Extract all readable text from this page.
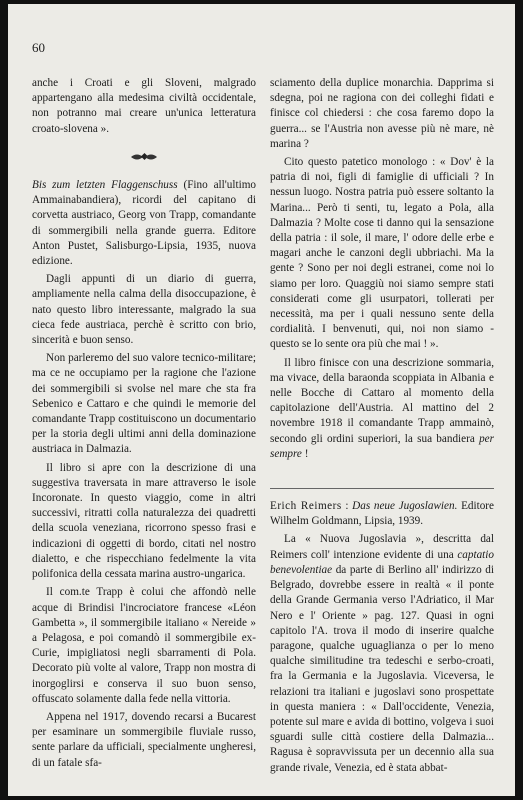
60

anche i Croati e gli Sloveni, malgrado appartengano alla medesima civiltà occidentale, non potranno mai creare un'unica letteratura croato-slovena ».

Bis zum letzten Flaggenschuss (Fino all'ultimo Ammainabandiera), ricordi del capitano di corvetta austriaco, Georg von Trapp, comandante di sommergibili nella grande guerra. Editore Anton Pustet, Salisburgo-Lipsia, 1935, nuova edizione.

Dagli appunti di un diario di guerra, ampliamente nella calma della disoccupazione, è nato questo libro interessante, malgrado la sua cieca fede austriaca, perchè è scritto con brio, sincerità e buon senso.

Non parleremo del suo valore tecnico-militare; ma ce ne occupiamo per la ragione che l'azione dei sommergibili si svolse nel mare che sta fra Sebenico e Cattaro e che quindi le memorie del comandante Trapp costituiscono un documentario per la storia degli ultimi anni della dominazione austriaca in Dalmazia.

Il libro si apre con la descrizione di una suggestiva traversata in mare attraverso le isole Incoronate. In questo viaggio, come in altri successivi, ritratti colla naturalezza dei quadretti della scuola veneziana, ricorrono spesso frasi e indicazioni di oggetti di bordo, citati nel nostro dialetto, e che rispecchiano fedelmente la vita polifonica della cessata marina austro-ungarica.

Il com.te Trapp è colui che affondò nelle acque di Brindisi l'incrociatore francese «Léon Gambetta », il sommergibile italiano « Nereide » a Pelagosa, e poi comandò il sommergibile ex-Curie, impigliatosi negli sbarramenti di Pola. Decorato più volte al valore, Trapp non mostra di inorgoglirsi e conserva il suo buon senso, offuscato solamente dalla fede nella vittoria.

Appena nel 1917, dovendo recarsi a Bucarest per esaminare un sommergibile fluviale russo, sente parlare da ufficiali, specialmente ungheresi, di un fatale sfa-

sciamento della duplice monarchia. Dapprima si sdegna, poi ne ragiona con dei colleghi fidati e finisce col chiedersi : che cosa faremo dopo la guerra... se l'Austria non avesse più nè mare, nè marina ?

Cito questo patetico monologo : « Dov' è la patria di noi, figli di famiglie di ufficiali ? In nessun luogo. Nostra patria può essere soltanto la Marina... Però ti senti, tu, legato a Pola, alla Dalmazia ? Molte cose ti danno qui la sensazione della patria : il sole, il mare, l' odore delle erbe e magari anche le canzoni degli ubbriachi. Ma la gente ? Sono per noi degli estranei, come noi lo siamo per loro. Quaggiù noi siamo sempre stati considerati come gli usurpatori, tollerati per necessità, ma per i quali nessuno sente della cordialità. I benvenuti, qui, noi non siamo - questo se lo sente ora più che mai ! ».

Il libro finisce con una descrizione sommaria, ma vivace, della baraonda scoppiata in Albania e nelle Bocche di Cattaro al momento della capitolazione dell'Austria. Al mattino del 2 novembre 1918 il comandante Trapp ammainò, secondo gli ordini superiori, la sua bandiera per sempre !

Erich Reimers : Das neue Jugoslawien. Editore Wilhelm Goldmann, Lipsia, 1939.

La « Nuova Jugoslavia », descritta dal Reimers coll' intenzione evidente di una captatio benevolentiae da parte di Berlino all' indirizzo di Belgrado, dovrebbe essere in realtà « il ponte della Grande Germania verso l'Adriatico, il Mar Nero e l' Oriente » pag. 127. Quasi in ogni capitolo l'A. trova il modo di inserire qualche paragone, qualche uguaglianza o per lo meno qualche similitudine tra tedeschi e serbo-croati, fra la Germania e la Jugoslavia. Viceversa, le relazioni tra italiani e jugoslavi sono prospettate in questa maniera : « Dall'occidente, Venezia, potente sul mare e avida di bottino, volgeva i suoi sguardi sulle città costiere della Dalmazia... Ragusa è sopravvissuta per un decennio alla sua grande rivale, Venezia, ed è stata abbat-
